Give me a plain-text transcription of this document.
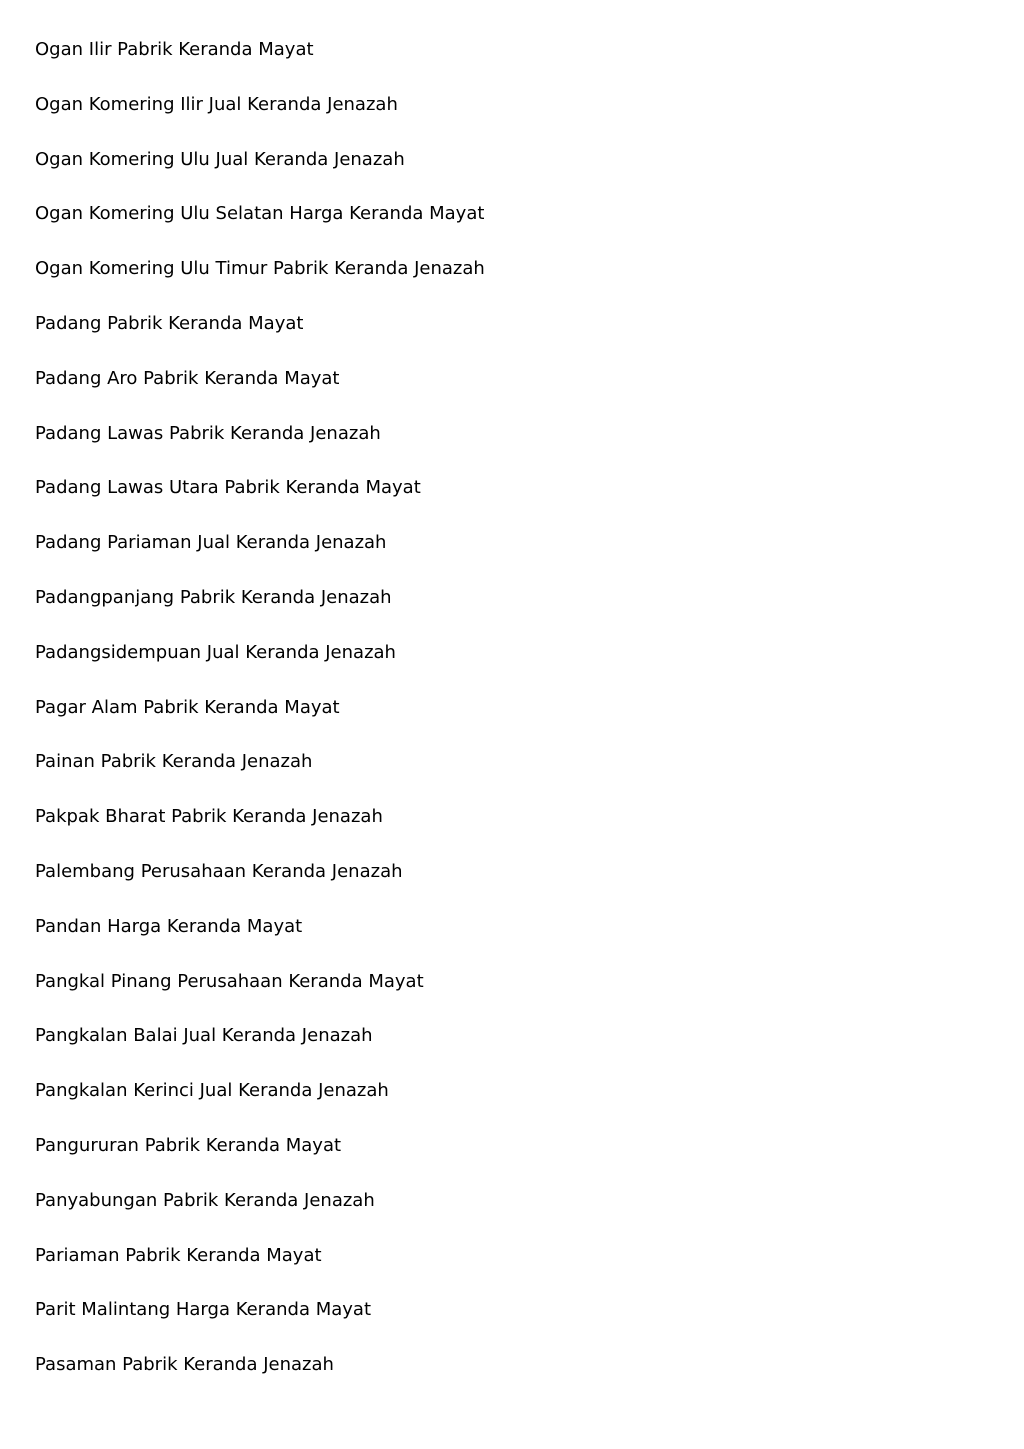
Ogan Ilir Pabrik Keranda Mayat
Ogan Komering Ilir Jual Keranda Jenazah
Ogan Komering Ulu Jual Keranda Jenazah
Ogan Komering Ulu Selatan Harga Keranda Mayat
Ogan Komering Ulu Timur Pabrik Keranda Jenazah
Padang Pabrik Keranda Mayat
Padang Aro Pabrik Keranda Mayat
Padang Lawas Pabrik Keranda Jenazah
Padang Lawas Utara Pabrik Keranda Mayat
Padang Pariaman Jual Keranda Jenazah
Padangpanjang Pabrik Keranda Jenazah
Padangsidempuan Jual Keranda Jenazah
Pagar Alam Pabrik Keranda Mayat
Painan Pabrik Keranda Jenazah
Pakpak Bharat Pabrik Keranda Jenazah
Palembang Perusahaan Keranda Jenazah
Pandan Harga Keranda Mayat
Pangkal Pinang Perusahaan Keranda Mayat
Pangkalan Balai Jual Keranda Jenazah
Pangkalan Kerinci Jual Keranda Jenazah
Pangururan Pabrik Keranda Mayat
Panyabungan Pabrik Keranda Jenazah
Pariaman Pabrik Keranda Mayat
Parit Malintang Harga Keranda Mayat
Pasaman Pabrik Keranda Jenazah
